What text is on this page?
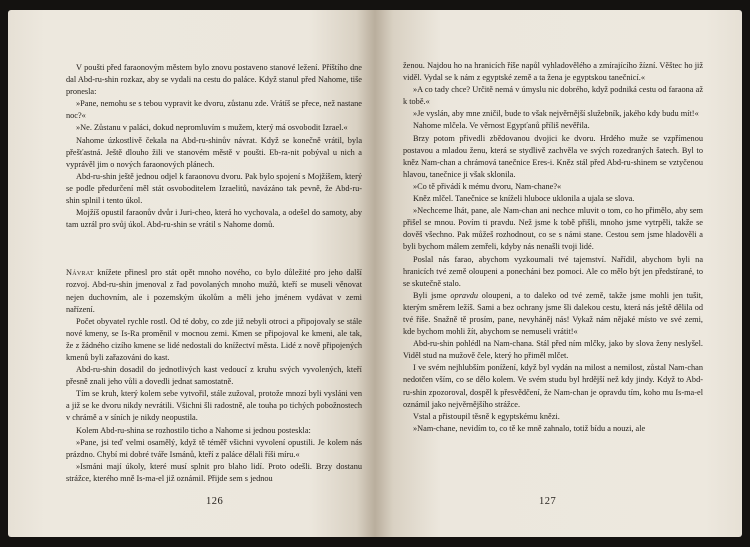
V poušti před faraonovým městem bylo znovu postaveno stanové ležení. Příštího dne dal Abd-ru-shin rozkaz, aby se vydali na cestu do paláce. Když stanul před Nahome, tiše pronesla:

»Pane, nemohu se s tebou vypravit ke dvoru, zůstanu zde. Vrátíš se přece, než nastane noc?«

»Ne. Zůstanu v paláci, dokud nepromluvím s mužem, který má osvobodit Izrael.«

Nahome úzkostlivě čekala na Abd-ru-shinův návrat. Když se konečně vrátil, byla přešťastná. Ještě dlouho žili ve stanovém městě v poušti. Eb-ra-nit pobýval u nich a vyprávěl jim o nových faraonových plánech.

Abd-ru-shin ještě jednou odjel k faraonovu dvoru. Pak bylo spojení s Mojžíšem, který se podle předurčení měl stát osvoboditelem Izraelitů, navázáno tak pevně, že Abd-ru-shin splnil i tento úkol.

Mojžíš opustil faraonův dvůr i Juri-cheo, která ho vychovala, a odešel do samoty, aby tam uzrál pro svůj úkol. Abd-ru-shin se vrátil s Nahome domů.

Návrat knížete přinesl pro stát opět mnoho nového, co bylo důležité pro jeho další rozvoj. Abd-ru-shin jmenoval z řad povolaných mnoho mužů, kteří se museli věnovat nejen duchovním, ale i pozemským úkolům a měli jeho jménem vydávat v zemi nařízení.

Počet obyvatel rychle rostl. Od té doby, co zde již nebyli otroci a připojovaly se stále nové kmeny, se Is-Ra proměnil v mocnou zemi. Kmen se připojoval ke kmeni, ale tak, že z žádného cizího kmene se lidé nedostali do knížectví města. Lidé z nově připojených kmenů byli zařazováni do kast.

Abd-ru-shin dosadil do jednotlivých kast vedoucí z kruhu svých vyvolených, kteří přesně znali jeho vůli a dovedli jednat samostatně.

Tím se kruh, který kolem sebe vytvořil, stále zužoval, protože mnozí byli vysláni ven a již se ke dvoru nikdy nevrátili. Všichni šli radostně, ale touha po tichých pobožnostech v chrámě a v síních je nikdy neopustila.

Kolem Abd-ru-shina se rozhostilo ticho a Nahome si jednou posteskla:

»Pane, jsi teď velmi osamělý, když tě téměř všichni vyvolení opustili. Je kolem nás prázdno. Chybí mi dobré tváře Ismánů, kteří z paláce dělali říši míru.«

»Ismáni mají úkoly, které musí splnit pro blaho lidí. Proto odešli. Brzy dostanu strážce, kterého mně Is-ma-el již oznámil. Přijde sem s jednou

126

ženou. Najdou ho na hranicích říše napůl vyhladovělého a zmírajícího žízní. Věštec ho již viděl. Vydal se k nám z egyptské země a ta žena je egyptskou tanečnicí.«

»A co tady chce? Určitě nemá v úmyslu nic dobrého, když podniká cestu od faraona až k tobě.«

»Je vyslán, aby mne zničil, bude to však nejvěrnější služebník, jakého kdy budu mít!«

Nahome mlčela. Ve věrnost Egypťanů příliš nevěřila.

Brzy potom přivedli zbědovanou dvojici ke dvoru. Hrdého muže se vzpřímenou postavou a mladou ženu, která se stydlivě zachvěla ve svých rozedraných šatech. Byl to kněz Nam-chan a chrámová tanečnice Eres-i. Kněz stál před Abd-ru-shinem se vztyčenou hlavou, tanečnice ji však sklonila.

»Co tě přivádí k mému dvoru, Nam-chane?«

Kněz mlčel. Tanečnice se kníželi hluboce uklonila a ujala se slova.

»Nechceme lhát, pane, ale Nam-chan ani nechce mluvit o tom, co ho přimělo, aby sem přišel se mnou. Povím ti pravdu. Než jsme k tobě přišli, mnoho jsme vytrpěli, takže se dověš všechno. Pak můžeš rozhodnout, co se s námi stane. Cestou sem jsme hladověli a byli bychom málem zemřeli, kdyby nás nenašli tvoji lidé.

Poslal nás farao, abychom vyzkoumali tvé tajemství. Nařídil, abychom byli na hranicích tvé země oloupeni a ponecháni bez pomoci. Ale co mělo být jen předstírané, to se skutečně stalo.

Byli jsme opravdu oloupeni, a to daleko od tvé země, takže jsme mohli jen tušit, kterým směrem ležíš. Sami a bez ochrany jsme šli dalekou cestu, která nás ještě dělila od tvé říše. Snažně tě prosím, pane, nevyháněj nás! Vykaž nám nějaké místo ve své zemi, kde bychom mohli žít, abychom se nemuseli vrátit!«

Abd-ru-shin pohlédl na Nam-chana. Stál před ním mlčky, jako by slova ženy neslyšel. Viděl stud na mužově čele, který ho přiměl mlčet.

I ve svém nejhlubším ponížení, když byl vydán na milost a nemilost, zůstal Nam-chan nedotčen vším, co se dělo kolem. Ve svém studu byl hrdější než kdy jindy. Když to Abd-ru-shin zpozoroval, dospěl k přesvědčení, že Nam-chan je opravdu tím, koho mu Is-ma-el oznámil jako nejvěrnějšího strážce.

Vstal a přistoupil těsně k egyptskému knězi.

»Nam-chane, nevidím to, co tě ke mně zahnalo, totiž bídu a nouzi, ale

127
